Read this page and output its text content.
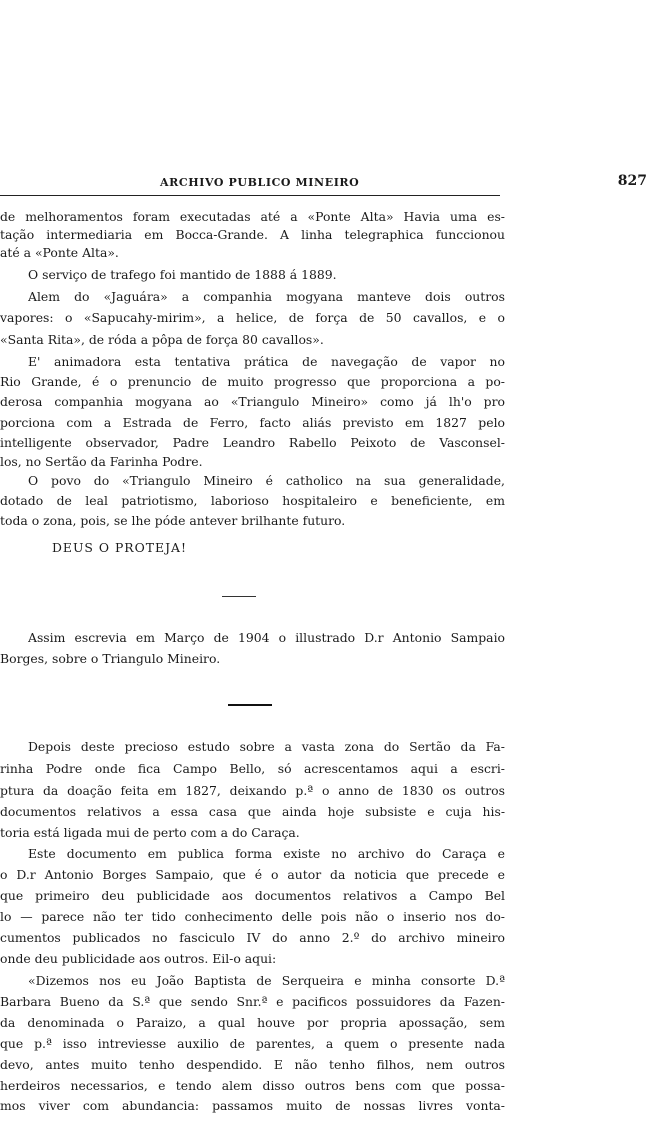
ARCHIVO PUBLICO MINEIRO	827
de melhoramentos foram executadas até a «Ponte Alta» Havia uma es-
tação intermediaria em Bocca-Grande. A linha telegraphica funccionou
até a «Ponte Alta».
O serviço de trafego foi mantido de 1888 á 1889.
Alem do «Jaguára» a companhia mogyana manteve dois outros
vapores: o «Sapucahy-mirim», a helice, de força de 50 cavallos, e o
«Santa Rita», de róda a pôpa de força 80 cavallos».
E' animadora esta tentativa prática de navegação de vapor no
Rio Grande, é o prenuncio de muito progresso que proporciona a po-
derosa companhia mogyana ao «Triangulo Mineiro» como já lh'o pro
porciona com a Estrada de Ferro, facto aliás previsto em 1827 pelo
intelligente observador, Padre Leandro Rabello Peixoto de Vasconsel-
los, no Sertão da Farinha Podre.
O povo do «Triangulo Mineiro é catholico na sua generalidade,
dotado de leal patriotismo, laborioso hospitaleiro e beneficiente, em
toda o zona, pois, se lhe póde antever brilhante futuro.
DEUS O PROTEJA!
Assim escrevia em Março de 1904 o illustrado D.r Antonio Sampaio
Borges, sobre o Triangulo Mineiro.
Depois deste precioso estudo sobre a vasta zona do Sertão da Fa-
rinha Podre onde fica Campo Bello, só acrescentamos aqui a escri-
ptura da doação feita em 1827, deixando p.ª o anno de 1830 os outros
documentos relativos a essa casa que ainda hoje subsiste e cuja his-
toria está ligada mui de perto com a do Caraça.
Este documento em publica forma existe no archivo do Caraça e
o D.r Antonio Borges Sampaio, que é o autor da noticia que precede e
que primeiro deu publicidade aos documentos relativos a Campo Bel
lo — parece não ter tido conhecimento delle pois não o inserio nos do-
cumentos publicados no fasciculo IV do anno 2.º do archivo mineiro
onde deu publicidade aos outros. Eil-o aqui:
«Dizemos nos eu João Baptista de Serqueira e minha consorte D.ª
Barbara Bueno da S.ª que sendo Snr.ª e pacificos possuidores da Fazen-
da denominada o Paraizo, a qual houve por propria apossação, sem
que p.ª isso intreviesse auxilio de parentes, a quem o presente nada
devo, antes muito tenho despendido. E não tenho filhos, nem outros
herdeiros necessarios, e tendo alem disso outros bens com que possa-
mos viver com abundancia: passamos muito de nossas livres vonta-
